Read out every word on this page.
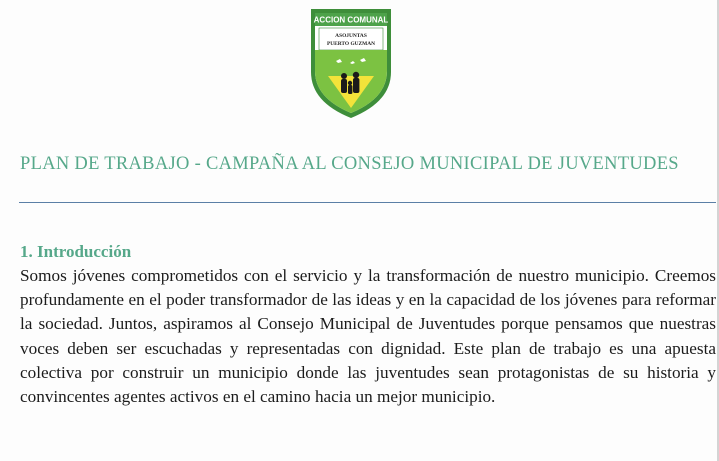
ACCION COMUNAL
ASOJUNTAS
PUERTO GUZMAN
PLAN DE TRABAJO - CAMPAÑA AL CONSEJO MUNICIPAL DE JUVENTUDES
1. Introducción

Somos jóvenes comprometidos con el servicio y la transformación de nuestro municipio. Creemos profundamente en el poder transformador de las ideas y en la capacidad de los jóvenes para reformar la sociedad. Juntos, aspiramos al Consejo Municipal de Juventudes porque pensamos que nuestras voces deben ser escuchadas y representadas con dignidad. Este plan de trabajo es una apuesta colectiva por construir un municipio donde las juventudes sean protagonistas de su historia y convincentes agentes activos en el camino hacia un mejor municipio.
